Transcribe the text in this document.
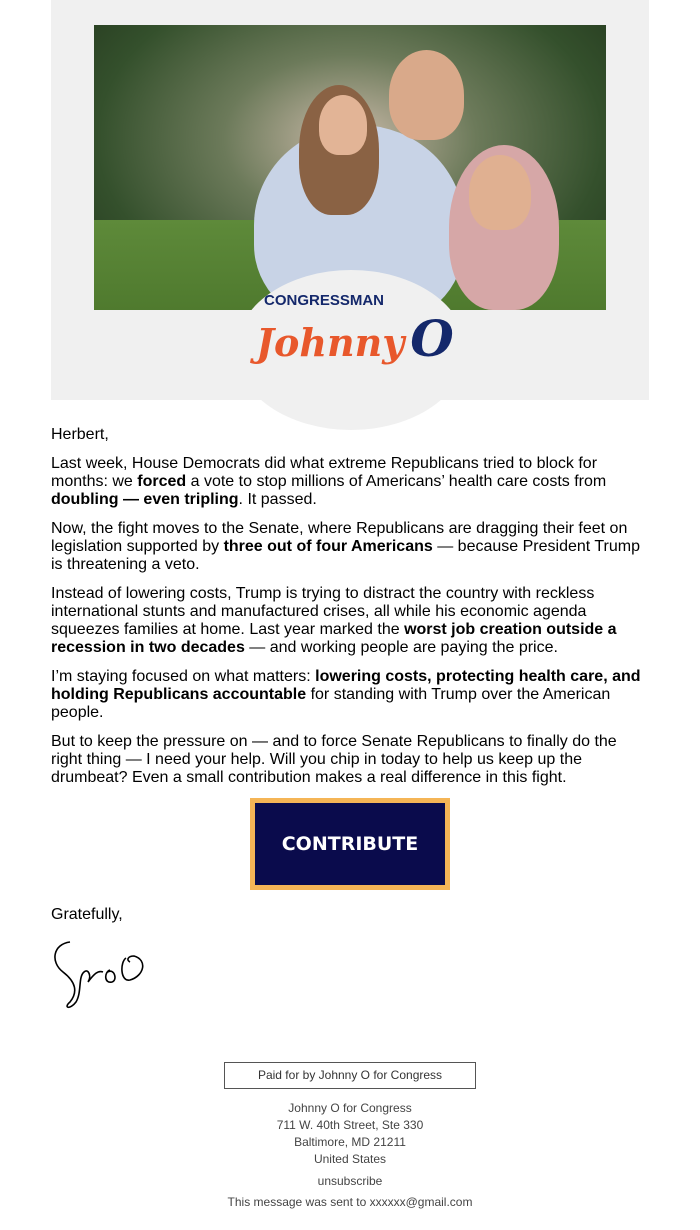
CONGRESSMAN
Johnny O

Herbert,

Last week, House Democrats did what extreme Republicans tried to block for months: we forced a vote to stop millions of Americans’ health care costs from doubling — even tripling. It passed.

Now, the fight moves to the Senate, where Republicans are dragging their feet on legislation supported by three out of four Americans — because President Trump is threatening a veto.

Instead of lowering costs, Trump is trying to distract the country with reckless international stunts and manufactured crises, all while his economic agenda squeezes families at home. Last year marked the worst job creation outside a recession in two decades — and working people are paying the price.

I’m staying focused on what matters: lowering costs, protecting health care, and holding Republicans accountable for standing with Trump over the American people.

But to keep the pressure on — and to force Senate Republicans to finally do the right thing — I need your help. Will you chip in today to help us keep up the drumbeat? Even a small contribution makes a real difference in this fight.

CONTRIBUTE
Gratefully,
Paid for by Johnny O for Congress
Johnny O for Congress
711 W. 40th Street, Ste 330
Baltimore, MD 21211
United States
unsubscribe
This message was sent to xxxxxx@gmail.com
